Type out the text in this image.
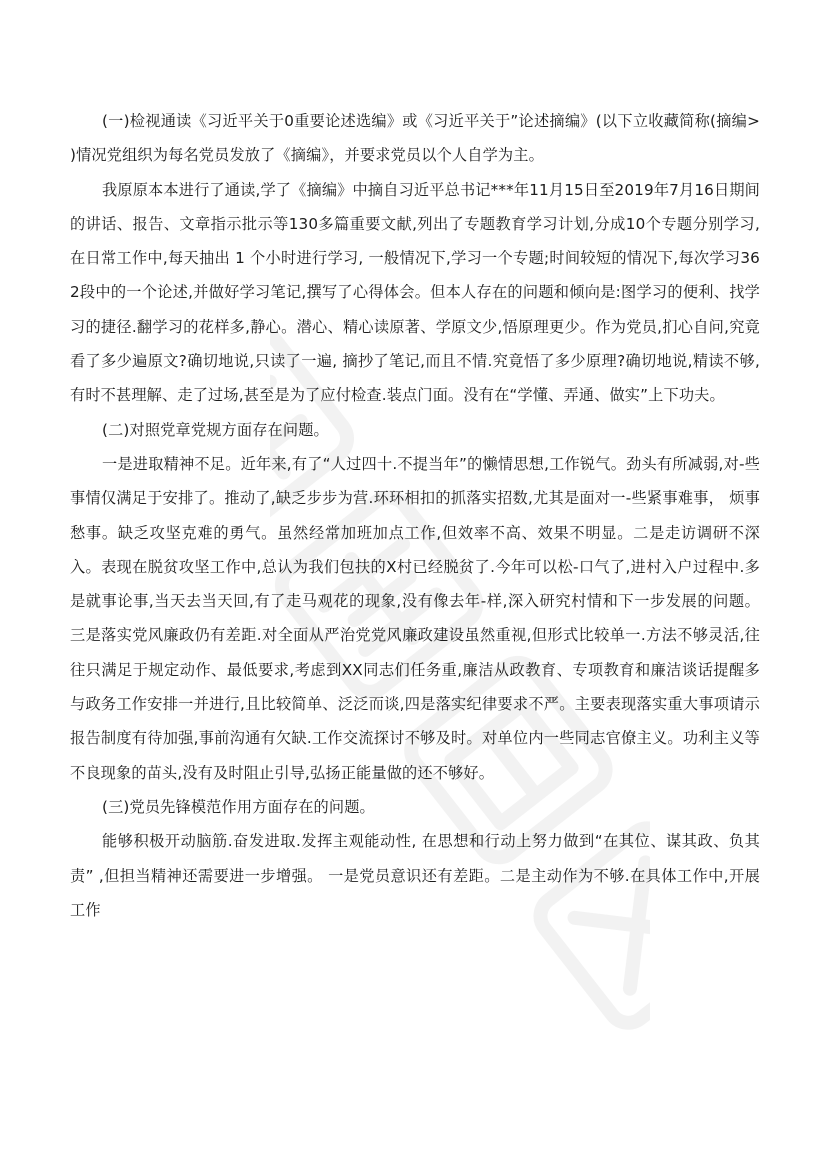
(一)检视通读《习近平关于0重要论述选编》或《习近平关于”论述摘编》(以下立收藏简称(摘编> )情况党组织为每名党员发放了《摘编》，并要求党员以个人自学为主。

我原原本本进行了通读,学了《摘编》中摘自习近平总书记***年11月15日至2019年7月16日期间的讲话、报告、文章指示批示等130多篇重要文献,列出了专题教育学习计划,分成10个专题分别学习,在日常工作中,每天抽出 1 个小时进行学习, 一般情况下,学习一个专题;时间较短的情况下,每次学习362段中的一个论述,并做好学习笔记,撰写了心得体会。但本人存在的问题和倾向是:图学习的便利、找学习的捷径.翻学习的花样多,静心。潜心、精心读原著、学原文少,悟原理更少。作为党员,扪心自问,究竟看了多少遍原文?确切地说,只读了一遍, 摘抄了笔记,而且不情.究竟悟了多少原理?确切地说,精读不够,有时不甚理解、走了过场,甚至是为了应付检查.装点门面。没有在“学懂、弄通、做实”上下功夫。

(二)对照党章党规方面存在问题。

一是进取精神不足。近年来,有了“人过四十.不提当年”的懒情思想,工作锐气。劲头有所减弱,对-些事情仅满足于安排了。推动了,缺乏步步为营.环环相扣的抓落实招数,尤其是面对一-些紧事难事， 烦事愁事。缺乏攻坚克难的勇气。虽然经常加班加点工作,但效率不高、效果不明显。二是走访调研不深入。表现在脱贫攻坚工作中,总认为我们包扶的X村已经脱贫了.今年可以松-口气了,进村入户过程中.多是就事论事,当天去当天回,有了走马观花的现象,没有像去年-样,深入研究村情和下一步发展的问题。 三是落实党风廉政仍有差距.对全面从严治党党风廉政建设虽然重视,但形式比较单一.方法不够灵活,往往只满足于规定动作、最低要求,考虑到XX同志们任务重,廉洁从政教育、专项教育和廉洁谈话提醒多与政务工作安排一并进行,且比较简单、泛泛而谈,四是落实纪律要求不严。主要表现落实重大事项请示报告制度有待加强,事前沟通有欠缺.工作交流探讨不够及时。对单位内一些同志官僚主义。功利主义等不良现象的苗头,没有及时阻止引导,弘扬正能量做的还不够好。

(三)党员先锋模范作用方面存在的问题。

能够积极开动脑筋.奋发进取.发挥主观能动性, 在思想和行动上努力做到“在其位、谋其政、负其责” ,但担当精神还需要进一步增强。 一是党员意识还有差距。二是主动作为不够.在具体工作中,开展工作
